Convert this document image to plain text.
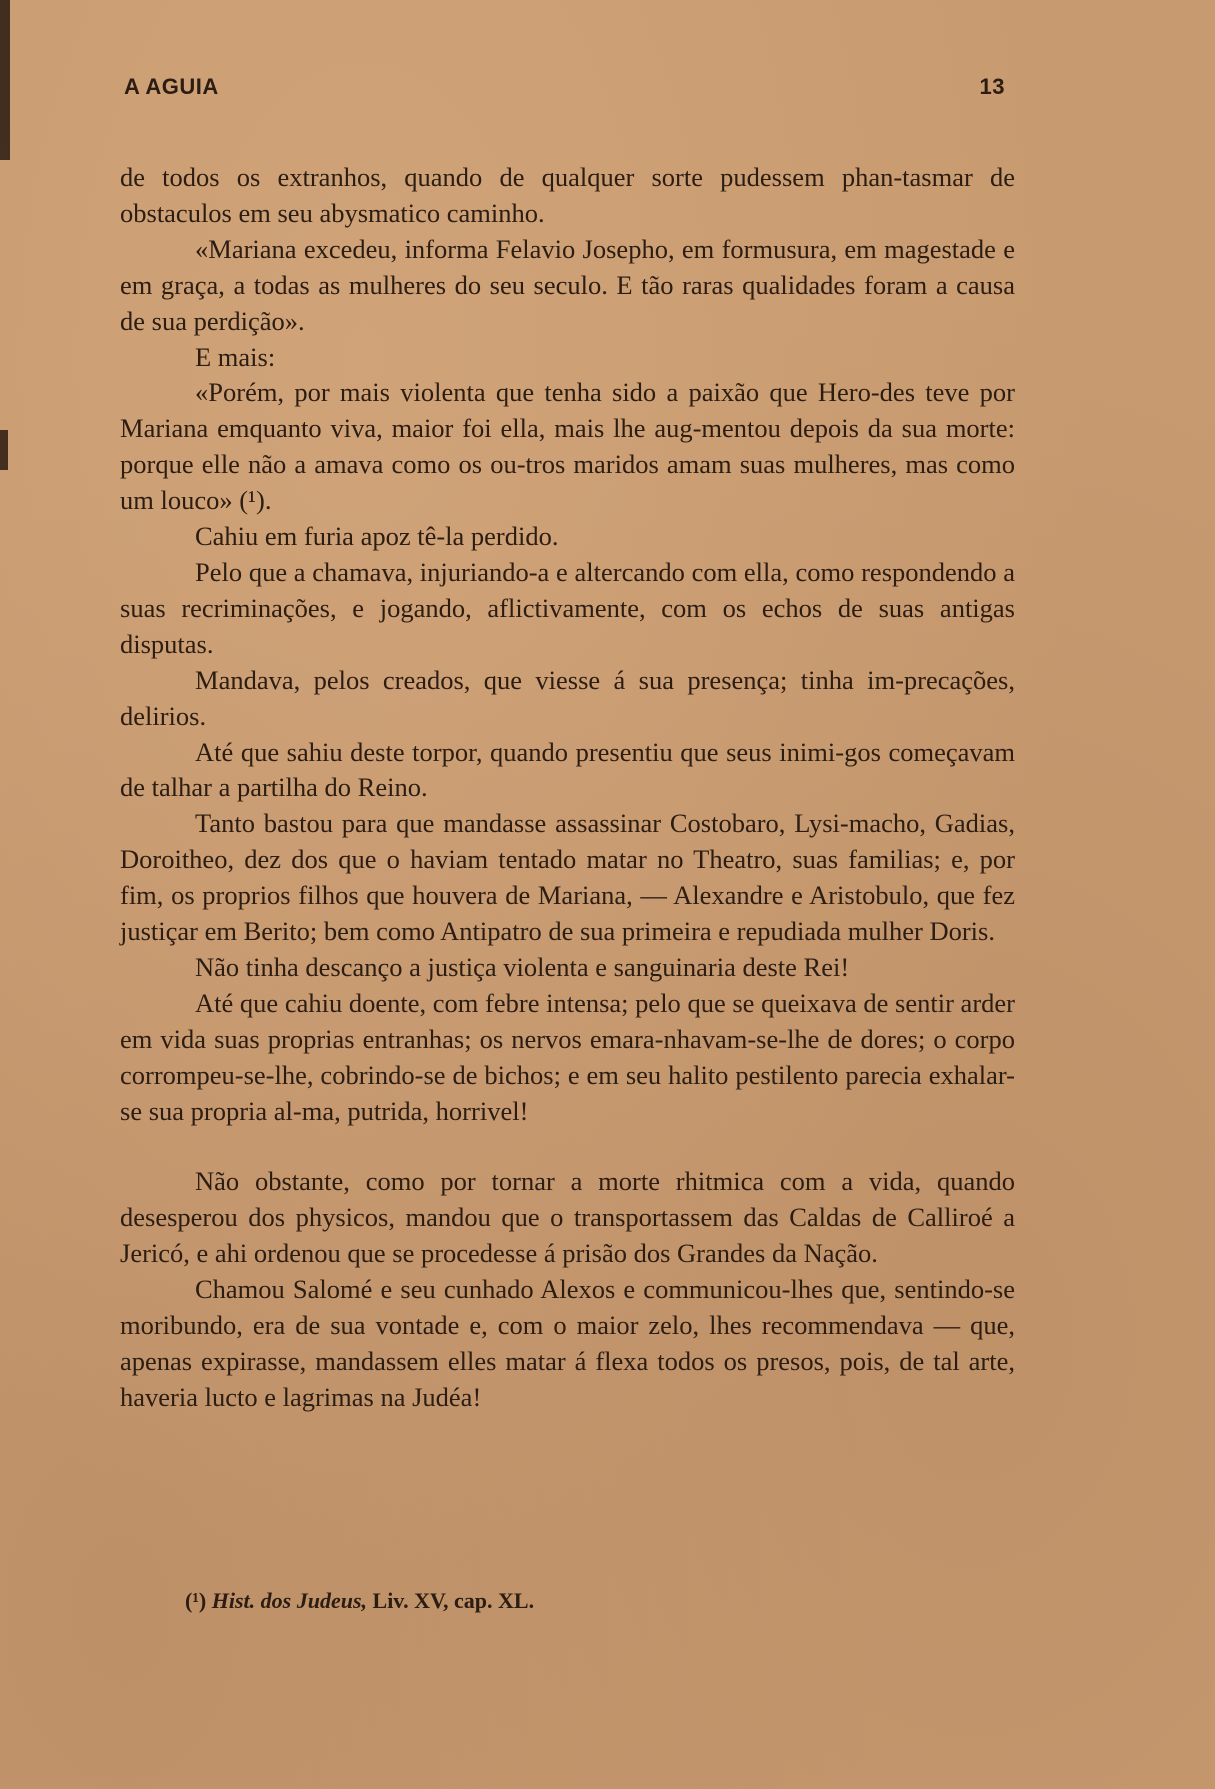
A AGUIA	13

de todos os extranhos, quando de qualquer sorte pudessem phan-tasmar de obstaculos em seu abysmatico caminho.

«Mariana excedeu, informa Felavio Josepho, em formusura, em magestade e em graça, a todas as mulheres do seu seculo. E tão raras qualidades foram a causa de sua perdição».

E mais:

«Porém, por mais violenta que tenha sido a paixão que Hero-des teve por Mariana emquanto viva, maior foi ella, mais lhe aug-mentou depois da sua morte: porque elle não a amava como os ou-tros maridos amam suas mulheres, mas como um louco» (¹).

Cahiu em furia apoz tê-la perdido.

Pelo que a chamava, injuriando-a e altercando com ella, como respondendo a suas recriminações, e jogando, aflictivamente, com os echos de suas antigas disputas.

Mandava, pelos creados, que viesse á sua presença; tinha im-precações, delirios.

Até que sahiu deste torpor, quando presentiu que seus inimi-gos começavam de talhar a partilha do Reino.

Tanto bastou para que mandasse assassinar Costobaro, Lysi-macho, Gadias, Doroitheo, dez dos que o haviam tentado matar no Theatro, suas familias; e, por fim, os proprios filhos que houvera de Mariana, — Alexandre e Aristobulo, que fez justiçar em Berito; bem como Antipatro de sua primeira e repudiada mulher Doris.

Não tinha descanço a justiça violenta e sanguinaria deste Rei!

Até que cahiu doente, com febre intensa; pelo que se queixava de sentir arder em vida suas proprias entranhas; os nervos emara-nhavam-se-lhe de dores; o corpo corrompeu-se-lhe, cobrindo-se de bichos; e em seu halito pestilento parecia exhalar-se sua propria al-ma, putrida, horrivel!

Não obstante, como por tornar a morte rhitmica com a vida, quando desesperou dos physicos, mandou que o transportassem das Caldas de Calliroé a Jericó, e ahi ordenou que se procedesse á prisão dos Grandes da Nação.

Chamou Salomé e seu cunhado Alexos e communicou-lhes que, sentindo-se moribundo, era de sua vontade e, com o maior zelo, lhes recommendava — que, apenas expirasse, mandassem elles matar á flexa todos os presos, pois, de tal arte, haveria lucto e lagrimas na Judéa!

(¹) Hist. dos Judeus, Liv. XV, cap. XL.
